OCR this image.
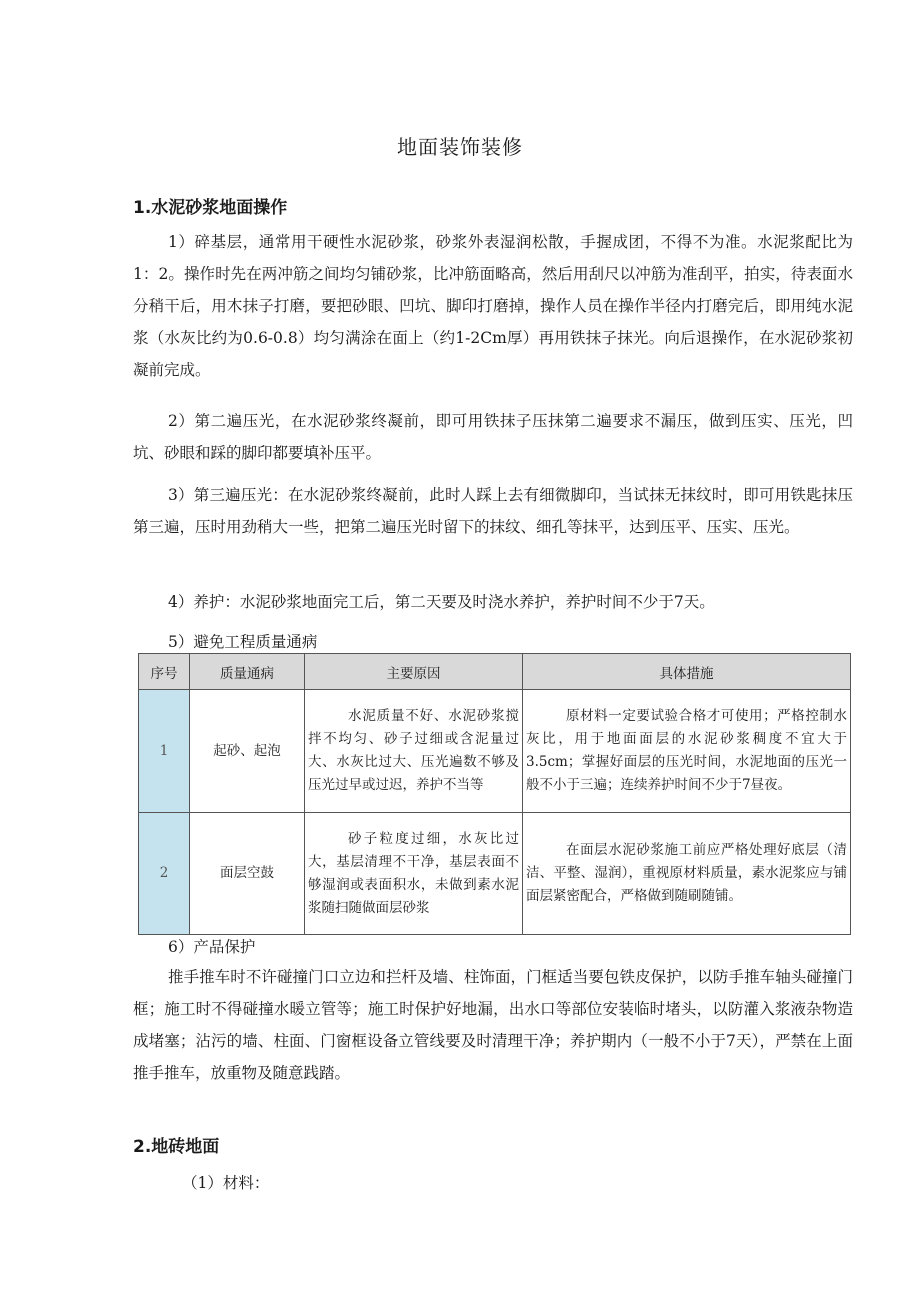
地面装饰装修
1.水泥砂浆地面操作

1）碎基层，通常用干硬性水泥砂浆，砂浆外表湿润松散，手握成团，不得不为准。水泥浆配比为1：2。操作时先在两冲筋之间均匀铺砂浆，比冲筋面略高，然后用刮尺以冲筋为准刮平，拍实，待表面水分稍干后，用木抹子打磨，要把砂眼、凹坑、脚印打磨掉，操作人员在操作半径内打磨完后，即用纯水泥浆（水灰比约为0.6-0.8）均匀满涂在面上（约1-2Cm厚）再用铁抹子抹光。向后退操作，在水泥砂浆初凝前完成。

2）第二遍压光，在水泥砂浆终凝前，即可用铁抹子压抹第二遍要求不漏压，做到压实、压光，凹坑、砂眼和踩的脚印都要填补压平。

3）第三遍压光：在水泥砂浆终凝前，此时人踩上去有细微脚印，当试抹无抹纹时，即可用铁匙抹压第三遍，压时用劲稍大一些，把第二遍压光时留下的抹纹、细孔等抹平，达到压平、压实、压光。

4）养护：水泥砂浆地面完工后，第二天要及时浇水养护，养护时间不少于7天。

5）避免工程质量通病
序号	质量通病	主要原因	具体措施
1	起砂、起泡	水泥质量不好、水泥砂浆搅拌不均匀、砂子过细或含泥量过大、水灰比过大、压光遍数不够及压光过早或过迟，养护不当等	原材料一定要试验合格才可使用；严格控制水灰比，用于地面面层的水泥砂浆稠度不宜大于3.5cm；掌握好面层的压光时间，水泥地面的压光一般不小于三遍；连续养护时间不少于7昼夜。
2	面层空鼓	砂子粒度过细，水灰比过大，基层清理不干净，基层表面不够湿润或表面积水，未做到素水泥浆随扫随做面层砂浆	在面层水泥砂浆施工前应严格处理好底层（清洁、平整、湿润），重视原材料质量，素水泥浆应与铺面层紧密配合，严格做到随刷随铺。
6）产品保护

推手推车时不许碰撞门口立边和拦杆及墙、柱饰面，门框适当要包铁皮保护，以防手推车轴头碰撞门框；施工时不得碰撞水暖立管等；施工时保护好地漏，出水口等部位安装临时堵头，以防灌入浆液杂物造成堵塞；沾污的墙、柱面、门窗框设备立管线要及时清理干净；养护期内（一般不小于7天），严禁在上面推手推车，放重物及随意践踏。

2.地砖地面
（1）材料：
